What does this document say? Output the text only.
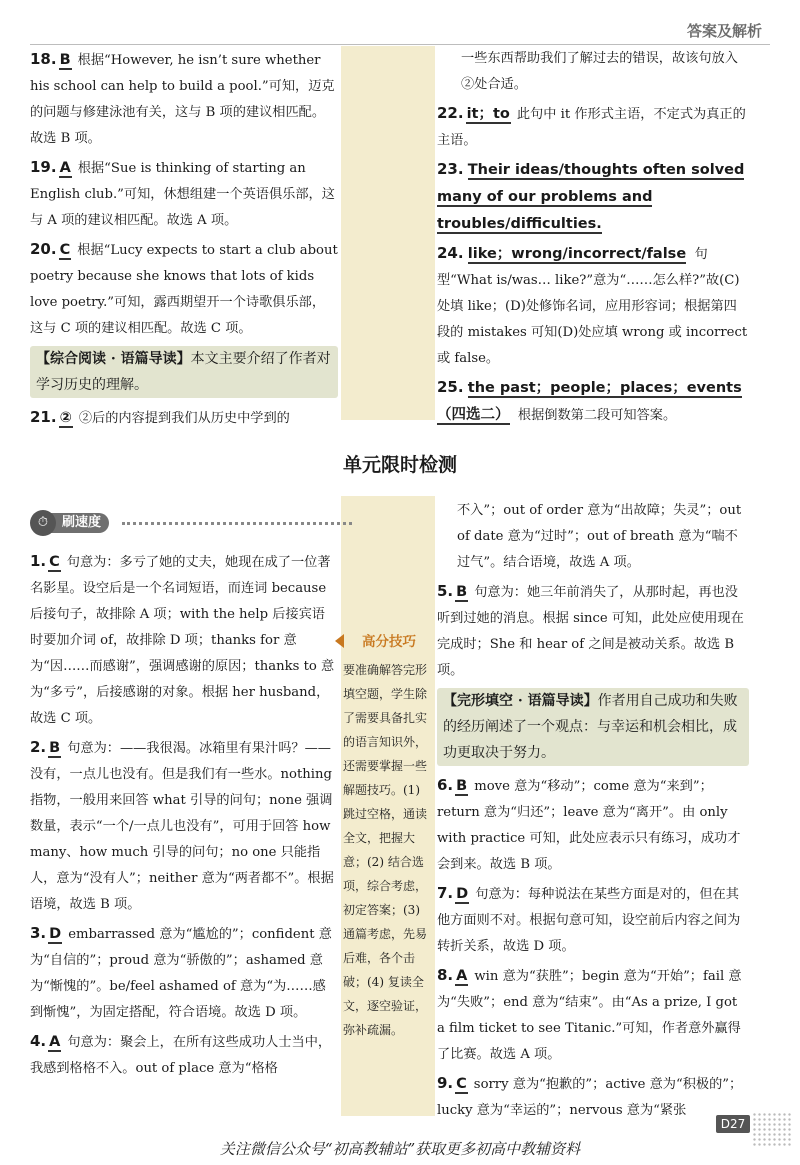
答案及解析
18. B 根据“However, he isn’t sure whether his school can help to build a pool.”可知，迈克的问题与修建泳池有关，这与 B 项的建议相匹配。故选 B 项。
19. A 根据“Sue is thinking of starting an English club.”可知，休想组建一个英语俱乐部，这与 A 项的建议相匹配。故选 A 项。
20. C 根据“Lucy expects to start a club about poetry because she knows that lots of kids love poetry.”可知，露西期望开一个诗歌俱乐部，这与 C 项的建议相匹配。故选 C 项。
【综合阅读 · 语篇导读】本文主要介绍了作者对学习历史的理解。
21. ② ②后的内容提到我们从历史中学到的
一些东西帮助我们了解过去的错误，故该句放入②处合适。
22. it；to 此句中 it 作形式主语，不定式为真正的主语。
23. Their ideas/thoughts often solved many of our problems and troubles/difficulties.
24. like；wrong/incorrect/false 句型“What is/was… like?”意为“……怎么样?”故(C)处填 like；(D)处修饰名词，应用形容词；根据第四段的 mistakes 可知(D)处应填 wrong 或 incorrect 或 false。
25. the past；people；places；events（四选二） 根据倒数第二段可知答案。
单元限时检测
刷速度
⏱
1. C 句意为：多亏了她的丈夫，她现在成了一位著名影星。设空后是一个名词短语，而连词 because 后接句子，故排除 A 项；with the help 后接宾语时要加介词 of，故排除 D 项；thanks for 意为“因……而感谢”，强调感谢的原因；thanks to 意为“多亏”，后接感谢的对象。根据 her husband，故选 C 项。
2. B 句意为：——我很渴。冰箱里有果汁吗？——没有，一点儿也没有。但是我们有一些水。nothing 指物，一般用来回答 what 引导的问句；none 强调数量，表示“一个/一点儿也没有”，可用于回答 how many、how much 引导的问句；no one 只能指人，意为“没有人”；neither 意为“两者都不”。根据语境，故选 B 项。
3. D embarrassed 意为“尴尬的”；confident 意为“自信的”；proud 意为“骄傲的”；ashamed 意为“惭愧的”。be/feel ashamed of 意为“为……感到惭愧”，为固定搭配，符合语境。故选 D 项。
4. A 句意为：聚会上，在所有这些成功人士当中，我感到格格不入。out of place 意为“格格
高分技巧
要准确解答完形填空题，学生除了需要具备扎实的语言知识外，还需要掌握一些解题技巧。(1) 跳过空格，通读全文，把握大意；(2) 结合选项，综合考虑，初定答案；(3) 通篇考虑，先易后难，各个击破；(4) 复读全文，逐空验证，弥补疏漏。
不入”；out of order 意为“出故障；失灵”；out of date 意为“过时”；out of breath 意为“喘不过气”。结合语境，故选 A 项。
5. B 句意为：她三年前消失了，从那时起，再也没听到过她的消息。根据 since 可知，此处应使用现在完成时；She 和 hear of 之间是被动关系。故选 B 项。
【完形填空 · 语篇导读】作者用自己成功和失败的经历阐述了一个观点：与幸运和机会相比，成功更取决于努力。
6. B move 意为“移动”；come 意为“来到”；return 意为“归还”；leave 意为“离开”。由 only with practice 可知，此处应表示只有练习，成功才会到来。故选 B 项。
7. D 句意为：每种说法在某些方面是对的，但在其他方面则不对。根据句意可知，设空前后内容之间为转折关系，故选 D 项。
8. A win 意为“获胜”；begin 意为“开始”；fail 意为“失败”；end 意为“结束”。由“As a prize, I got a film ticket to see Titanic.”可知，作者意外赢得了比赛。故选 A 项。
9. C sorry 意为“抱歉的”；active 意为“积极的”；lucky 意为“幸运的”；nervous 意为“紧张
D27
关注微信公众号“初高教辅站”获取更多初高中教辅资料
